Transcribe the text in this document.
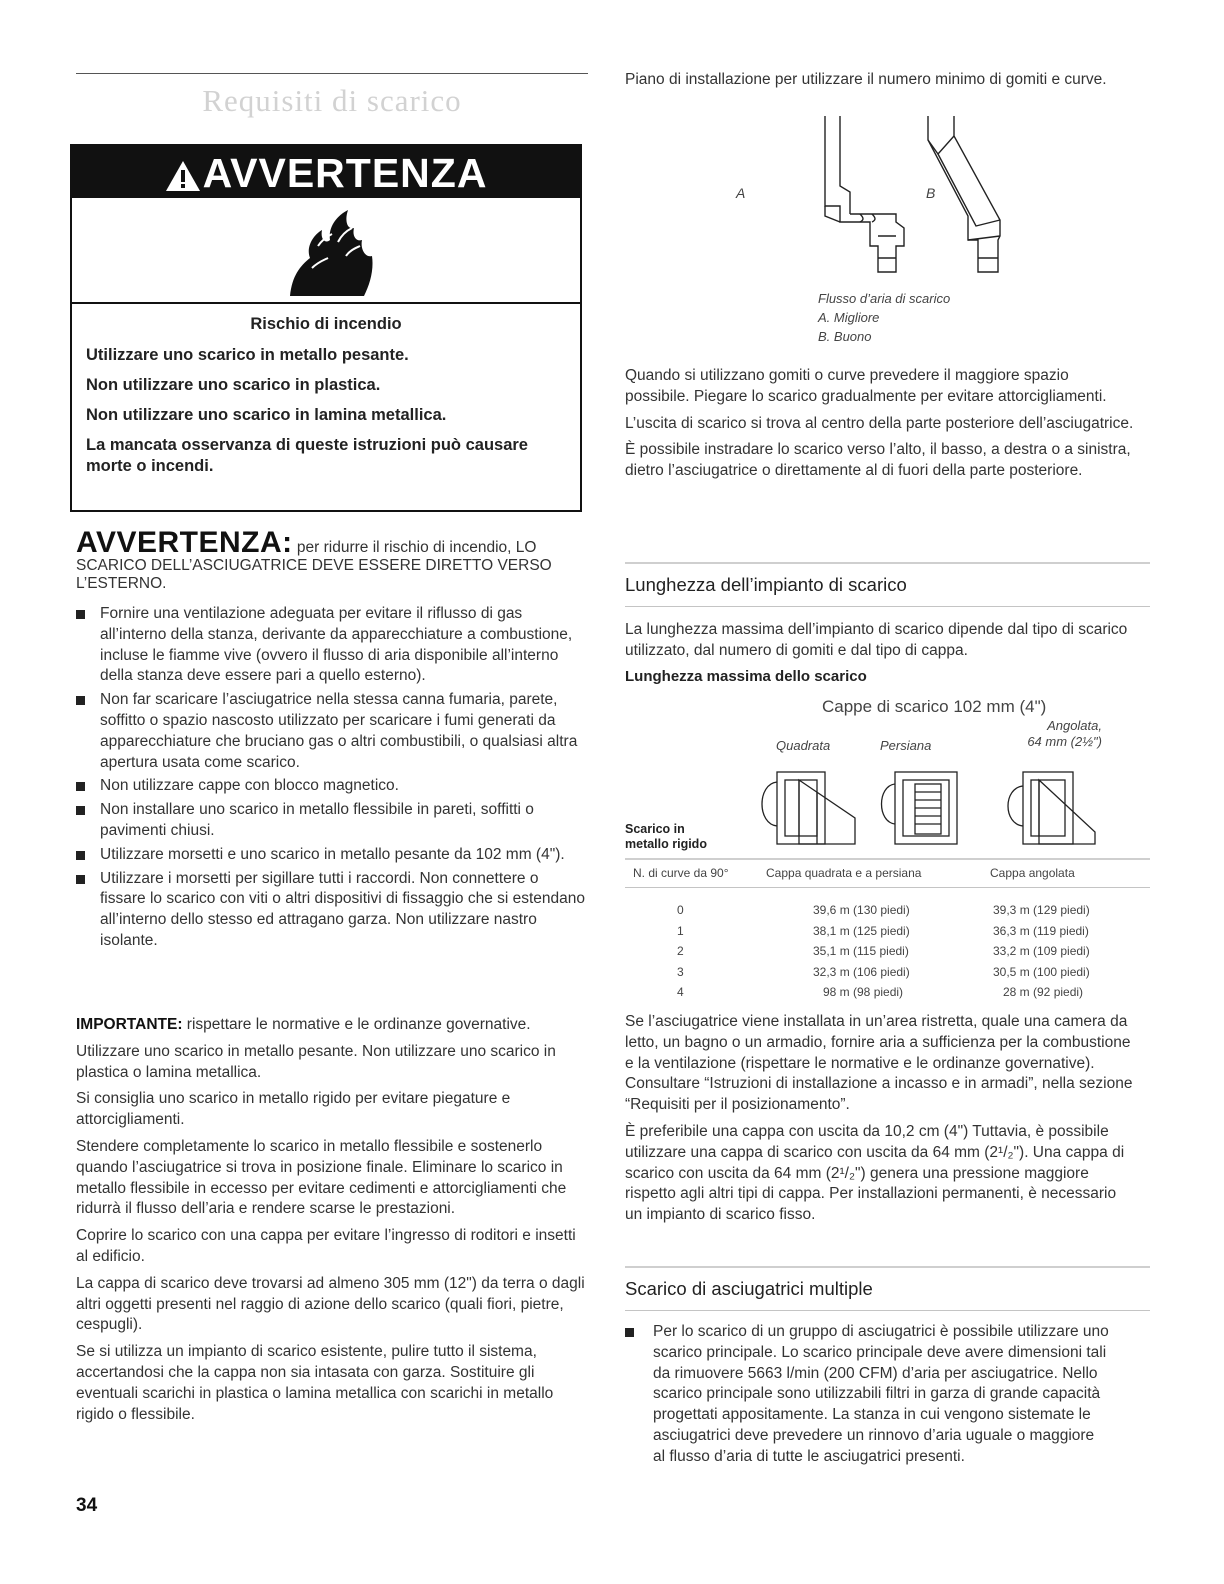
Requisiti di scarico
AVVERTENZA

Rischio di incendio

Utilizzare uno scarico in metallo pesante.

Non utilizzare uno scarico in plastica.

Non utilizzare uno scarico in lamina metallica.

La mancata osservanza di queste istruzioni può causare morte o incendi.

AVVERTENZA: per ridurre il rischio di incendio, LO SCARICO DELL’ASCIUGATRICE DEVE ESSERE DIRETTO VERSO L’ESTERNO.
Fornire una ventilazione adeguata per evitare il riflusso di gas all’interno della stanza, derivante da apparecchiature a combustione, incluse le fiamme vive (ovvero il flusso di aria disponibile all’interno della stanza deve essere pari a quello esterno).
Non far scaricare l’asciugatrice nella stessa canna fumaria, parete, soffitto o spazio nascosto utilizzato per scaricare i fumi generati da apparecchiature che bruciano gas o altri combustibili, o qualsiasi altra apertura usata come scarico.
Non utilizzare cappe con blocco magnetico.
Non installare uno scarico in metallo flessibile in pareti, soffitti o pavimenti chiusi.
Utilizzare morsetti e uno scarico in metallo pesante da 102 mm (4").
Utilizzare i morsetti per sigillare tutti i raccordi. Non connettere o fissare lo scarico con viti o altri dispositivi di fissaggio che si estendano all’interno dello stesso ed attragano garza. Non utilizzare nastro isolante.

IMPORTANTE: rispettare le normative e le ordinanze governative.

Utilizzare uno scarico in metallo pesante. Non utilizzare uno scarico in plastica o lamina metallica.

Si consiglia uno scarico in metallo rigido per evitare piegature e attorcigliamenti.

Stendere completamente lo scarico in metallo flessibile e sostenerlo quando l’asciugatrice si trova in posizione finale. Eliminare lo scarico in metallo flessibile in eccesso per evitare cedimenti e attorcigliamenti che ridurrà il flusso dell’aria e rendere scarse le prestazioni.

Coprire lo scarico con una cappa per evitare l’ingresso di roditori e insetti al edificio.

La cappa di scarico deve trovarsi ad almeno 305 mm (12") da terra o dagli altri oggetti presenti nel raggio di azione dello scarico (quali fiori, pietre, cespugli).

Se si utilizza un impianto di scarico esistente, pulire tutto il sistema, accertandosi che la cappa non sia intasata con garza. Sostituire gli eventuali scarichi in plastica o lamina metallica con scarichi in metallo rigido o flessibile.

34

Piano di installazione per utilizzare il numero minimo di gomiti e curve.

A	B
Flusso d’aria di scarico
A. Migliore
B. Buono

Quando si utilizzano gomiti o curve prevedere il maggiore spazio possibile. Piegare lo scarico gradualmente per evitare attorcigliamenti.

L’uscita di scarico si trova al centro della parte posteriore dell’asciugatrice.

È possibile instradare lo scarico verso l’alto, il basso, a destra o a sinistra, dietro l’asciugatrice o direttamente al di fuori della parte posteriore.

Lunghezza dell’impianto di scarico

La lunghezza massima dell’impianto di scarico dipende dal tipo di scarico utilizzato, dal numero di gomiti e dal tipo di cappa.

Lunghezza massima dello scarico

Cappe di scarico 102 mm (4")
Quadrata	Persiana
Angolata,
64 mm (2½")
Scarico in
metallo rigido
N. di curve da 90°	Cappa quadrata e a persiana	Cappa angolata
0	39,6 m (130 piedi)	39,3 m (129 piedi)
1	38,1 m (125 piedi)	36,3 m (119 piedi)
2	35,1 m (115 piedi)	33,2 m (109 piedi)
3	32,3 m (106 piedi)	30,5 m (100 piedi)
4	98 m (98 piedi)	28 m (92 piedi)

Se l’asciugatrice viene installata in un’area ristretta, quale una camera da letto, un bagno o un armadio, fornire aria a sufficienza per la combustione e la ventilazione (rispettare le normative e le ordinanze governative). Consultare “Istruzioni di installazione a incasso e in armadi”, nella sezione “Requisiti per il posizionamento”.

È preferibile una cappa con uscita da 10,2 cm (4") Tuttavia, è possibile utilizzare una cappa di scarico con uscita da 64 mm (2¹/₂"). Una cappa di scarico con uscita da 64 mm (2¹/₂") genera una pressione maggiore rispetto agli altri tipi di cappa. Per installazioni permanenti, è necessario un impianto di scarico fisso.

Scarico di asciugatrici multiple
Per lo scarico di un gruppo di asciugatrici è possibile utilizzare uno scarico principale. Lo scarico principale deve avere dimensioni tali da rimuovere 5663 l/min (200 CFM) d’aria per asciugatrice. Nello scarico principale sono utilizzabili filtri in garza di grande capacità progettati appositamente. La stanza in cui vengono sistemate le asciugatrici deve prevedere un rinnovo d’aria uguale o maggiore al flusso d’aria di tutte le asciugatrici presenti.
